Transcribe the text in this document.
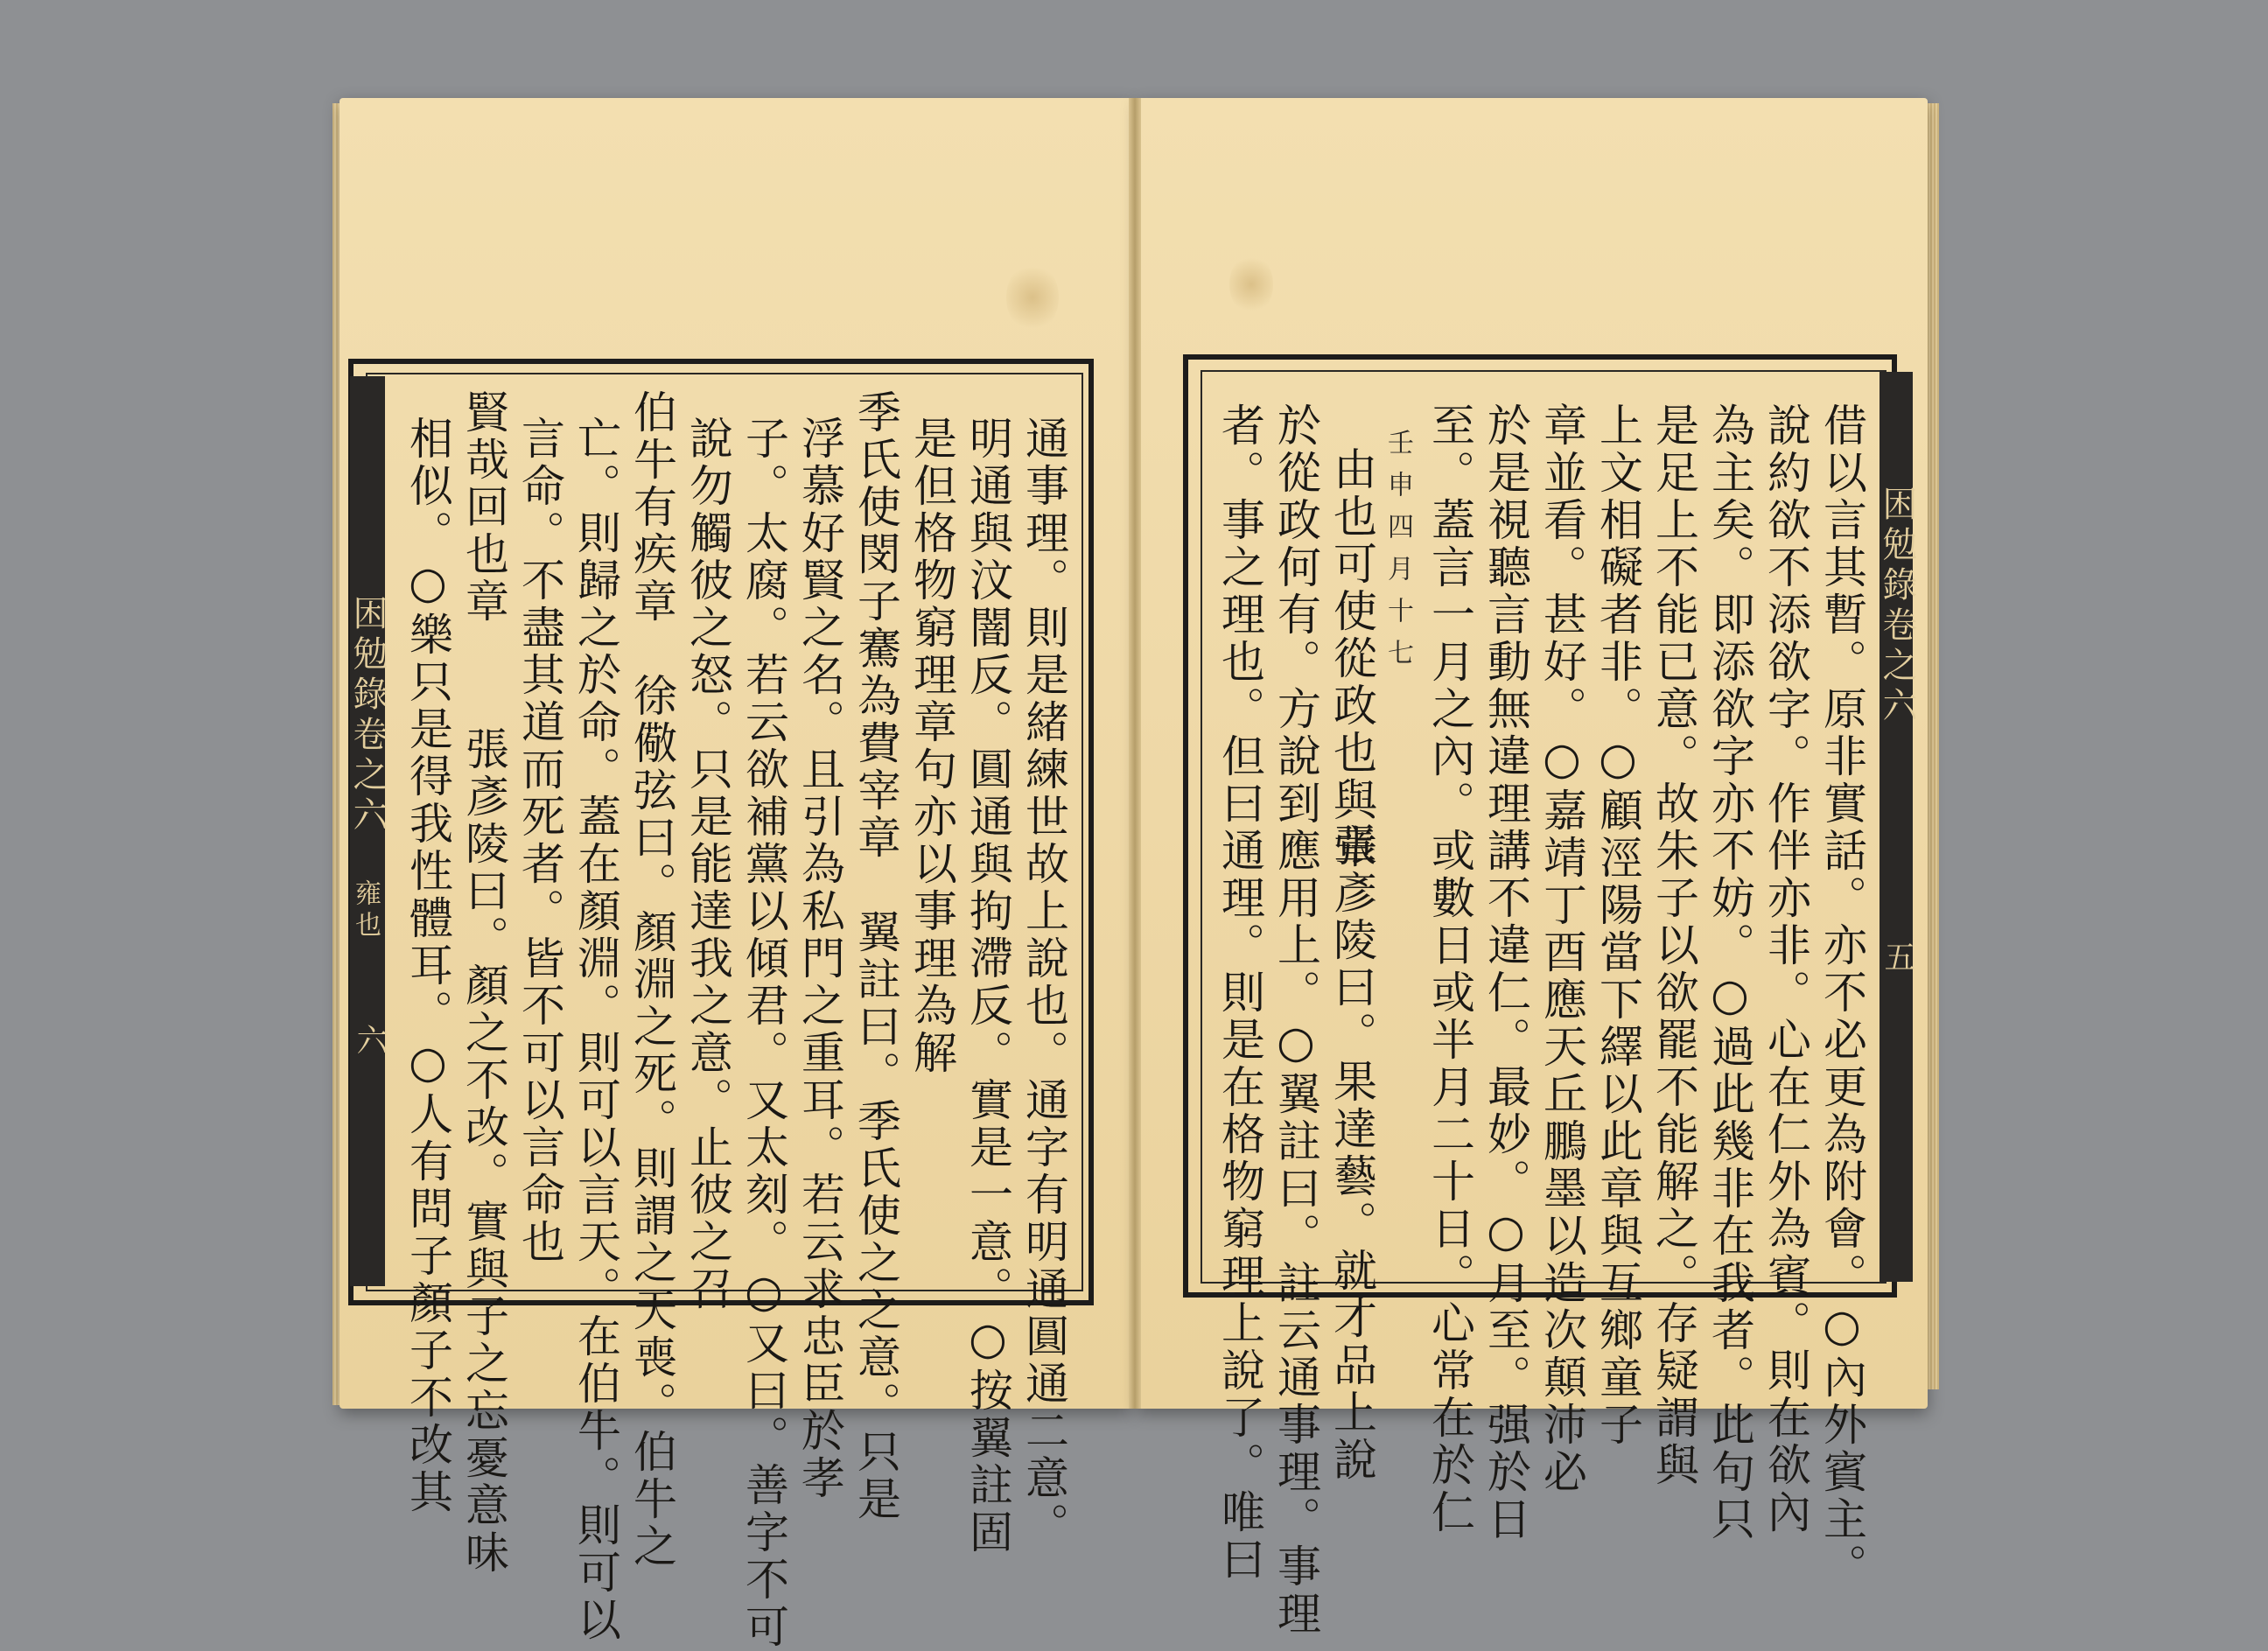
困勉錄卷之六
雍也
六	通事理。則是緒練世故上說也。通字有明通圓通二意。
明通與汶闇反。圓通與拘滯反。實是一意。○按翼註固
是但格物窮理章句亦以事理為解
季氏使閔子騫為費宰章　翼註曰。季氏使之之意。只是
浮慕好賢之名。且引為私門之重耳。若云求忠臣於孝
子。太腐。若云欲補黨以傾君。又太刻。○又曰。善字不可
說勿觸彼之怒。只是能達我之意。止彼之召
伯牛有疾章　徐儆弦曰。顏淵之死。則謂之天喪。伯牛之
亡。則歸之於命。蓋在顏淵。則可以言天。在伯牛。則可以
言命。不盡其道而死者。皆不可以言命也
賢哉回也章
張彥陵曰。顏之不改。實與子之忘憂意味
相似。○樂只是得我性體耳。○人有問子顏子不改其	困勉錄卷之六
五
借以言其暫。原非實話。亦不必更為附會。○內外賓主。
說約欲不添欲字。作伴亦非。心在仁外為賓。則在欲內
為主矣。即添欲字亦不妨。○過此幾非在我者。此句只
是足上不能已意。故朱子以欲罷不能解之。存疑謂與
上文相礙者非。○顧涇陽當下繹以此章與互鄉童子
章並看。甚好。○嘉靖丁酉應天丘鵬墨以造次顛沛必
於是視聽言動無違理講不違仁。最妙。○月至。强於日
至。蓋言一月之內。或數日或半月二十日。心常在於仁
壬申四月十七
由也可使從政也與章
張彥陵曰。果達藝。就才品上說
於從政何有。方說到應用上。○翼註曰。註云通事理。事理
者。事之理也。但曰通理。則是在格物窮理上說了。唯曰
